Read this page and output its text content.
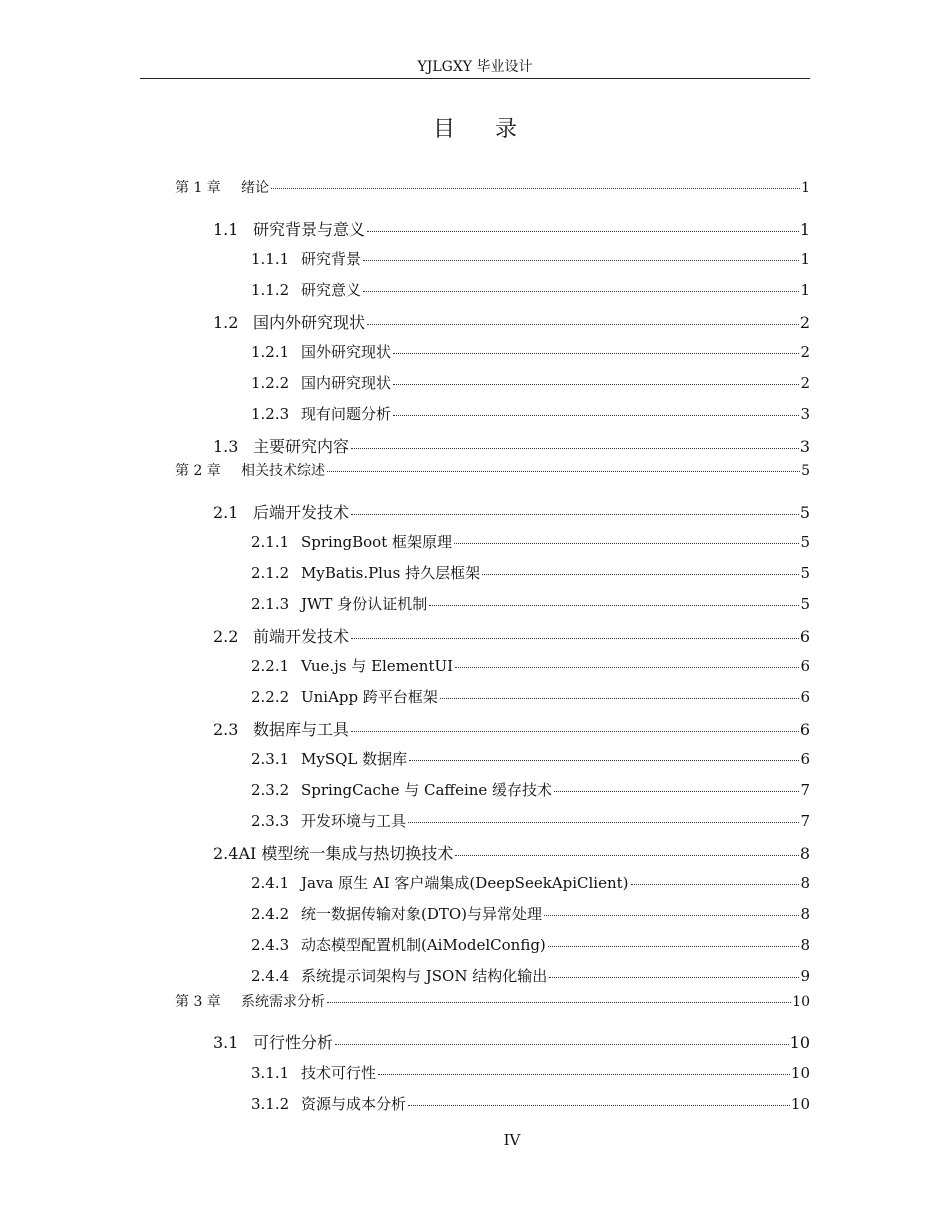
YJLGXY 毕业设计
目 录
第 1 章	绪论	1
1.1 研究背景与意义	1
1.1.1 研究背景	1
1.1.2 研究意义	1
1.2 国内外研究现状	2
1.2.1 国外研究现状	2
1.2.2 国内研究现状	2
1.2.3 现有问题分析	3
1.3 主要研究内容	3
第 2 章	相关技术综述	5
2.1 后端开发技术	5
2.1.1 SpringBoot 框架原理	5
2.1.2 MyBatis.Plus 持久层框架	5
2.1.3 JWT 身份认证机制	5
2.2 前端开发技术	6
2.2.1 Vue.js 与 ElementUI	6
2.2.2 UniApp 跨平台框架	6
2.3 数据库与工具	6
2.3.1 MySQL 数据库	6
2.3.2 SpringCache 与 Caffeine 缓存技术	7
2.3.3 开发环境与工具	7
2.4 AI 模型统一集成与热切换技术	8
2.4.1 Java 原生 AI 客户端集成(DeepSeekApiClient)	8
2.4.2 统一数据传输对象(DTO)与异常处理	8
2.4.3 动态模型配置机制(AiModelConfig)	8
2.4.4 系统提示词架构与 JSON 结构化输出	9
第 3 章	系统需求分析	10
3.1 可行性分析	10
3.1.1 技术可行性	10
3.1.2 资源与成本分析	10
IV
